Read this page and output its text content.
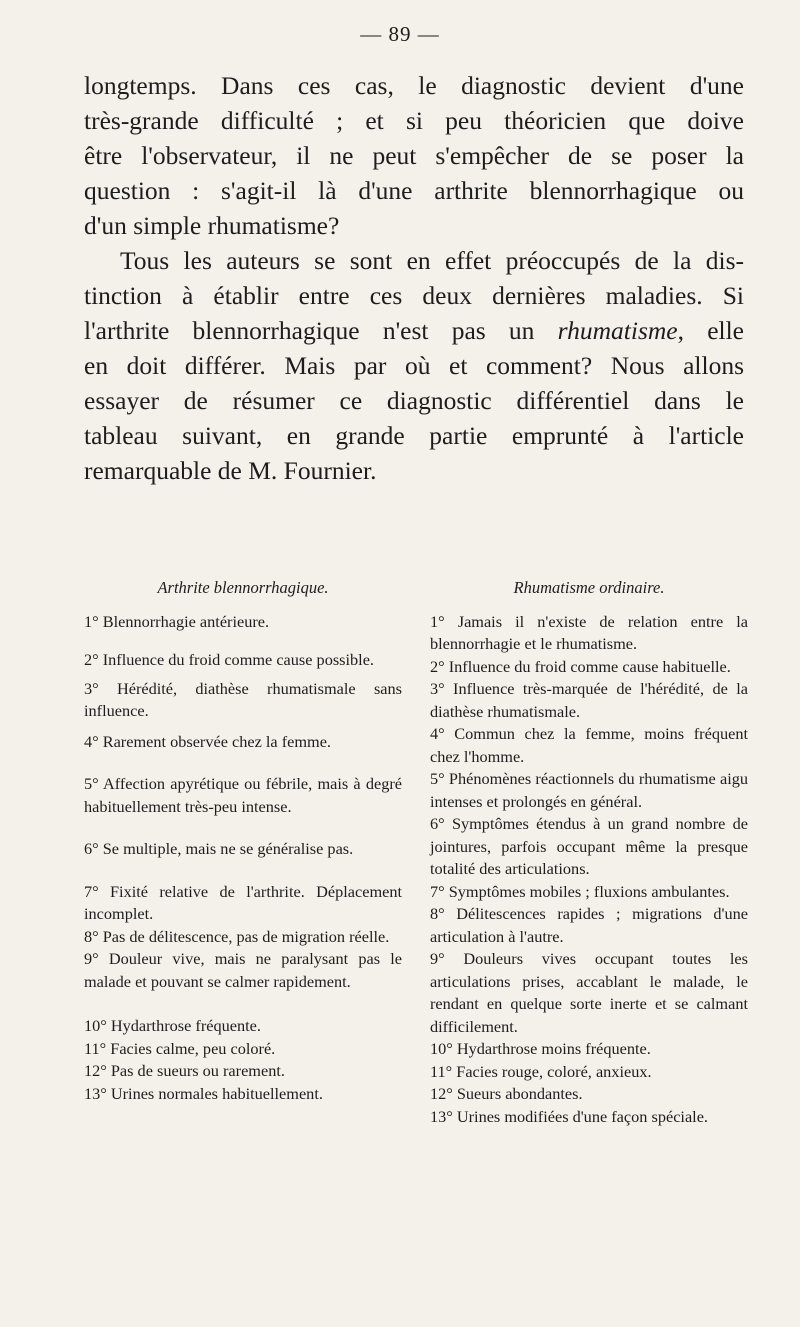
— 89 —

longtemps. Dans ces cas, le diagnostic devient d'une
très-grande difficulté ; et si peu théoricien que doive
être l'observateur, il ne peut s'empêcher de se poser la
question : s'agit-il là d'une arthrite blennorrhagique ou
d'un simple rhumatisme?

Tous les auteurs se sont en effet préoccupés de la dis-
tinction à établir entre ces deux dernières maladies. Si
l'arthrite blennorrhagique n'est pas un rhumatisme, elle
en doit différer. Mais par où et comment? Nous allons
essayer de résumer ce diagnostic différentiel dans le
tableau suivant, en grande partie emprunté à l'article
remarquable de M. Fournier.

Arthrite blennorrhagique.
1° Blennorrhagie antérieure.
2° Influence du froid comme cause possible.
3° Hérédité, diathèse rhumatismale sans influence.
4° Rarement observée chez la femme.
5° Affection apyrétique ou fébrile, mais à degré habituellement très-peu intense.
6° Se multiple, mais ne se généralise pas.
7° Fixité relative de l'arthrite. Déplacement incomplet.
8° Pas de délitescence, pas de migration réelle.
9° Douleur vive, mais ne paralysant pas le malade et pouvant se calmer rapidement.
10° Hydarthrose fréquente.
11° Facies calme, peu coloré.
12° Pas de sueurs ou rarement.
13° Urines normales habituellement.
Rhumatisme ordinaire.
1° Jamais il n'existe de relation entre la blennorrhagie et le rhumatisme.
2° Influence du froid comme cause habituelle.
3° Influence très-marquée de l'hérédité, de la diathèse rhumatismale.
4° Commun chez la femme, moins fréquent chez l'homme.
5° Phénomènes réactionnels du rhumatisme aigu intenses et prolongés en général.
6° Symptômes étendus à un grand nombre de jointures, parfois occupant même la presque totalité des articulations.
7° Symptômes mobiles ; fluxions ambulantes.
8° Délitescences rapides ; migrations d'une articulation à l'autre.
9° Douleurs vives occupant toutes les articulations prises, accablant le malade, le rendant en quelque sorte inerte et se calmant difficilement.
10° Hydarthrose moins fréquente.
11° Facies rouge, coloré, anxieux.
12° Sueurs abondantes.
13° Urines modifiées d'une façon spéciale.
